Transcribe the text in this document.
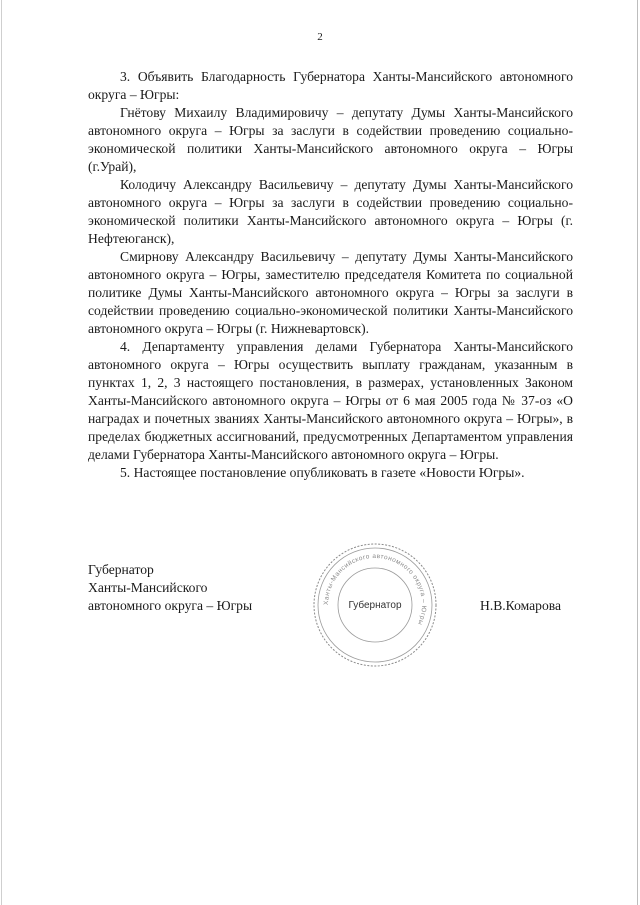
2

3. Объявить Благодарность Губернатора Ханты-Мансийского автономного округа – Югры:

Гнётову Михаилу Владимировичу – депутату Думы Ханты-Мансийского автономного округа – Югры за заслуги в содействии проведению социально-экономической политики Ханты-Мансийского автономного округа – Югры (г.Урай),

Колодичу Александру Васильевичу – депутату Думы Ханты-Мансийского автономного округа – Югры за заслуги в содействии проведению социально-экономической политики Ханты-Мансийского автономного округа – Югры (г. Нефтеюганск),

Смирнову Александру Васильевичу – депутату Думы Ханты-Мансийского автономного округа – Югры, заместителю председателя Комитета по социальной политике Думы Ханты-Мансийского автономного округа – Югры за заслуги в содействии проведению социально-экономической политики Ханты-Мансийского автономного округа – Югры (г. Нижневартовск).

4. Департаменту управления делами Губернатора Ханты-Мансийского автономного округа – Югры осуществить выплату гражданам, указанным в пунктах 1, 2, 3 настоящего постановления, в размерах, установленных Законом Ханты-Мансийского автономного округа – Югры от 6 мая 2005 года № 37-оз «О наградах и почетных званиях Ханты-Мансийского автономного округа – Югры», в пределах бюджетных ассигнований, предусмотренных Департаментом управления делами Губернатора Ханты-Мансийского автономного округа – Югры.

5. Настоящее постановление опубликовать в газете «Новости Югры».

Губернатор
Ханты-Мансийского
автономного округа – Югры	Ханты-Мансийского автономного округа – Югры
Губернатор	Н.В.Комарова
